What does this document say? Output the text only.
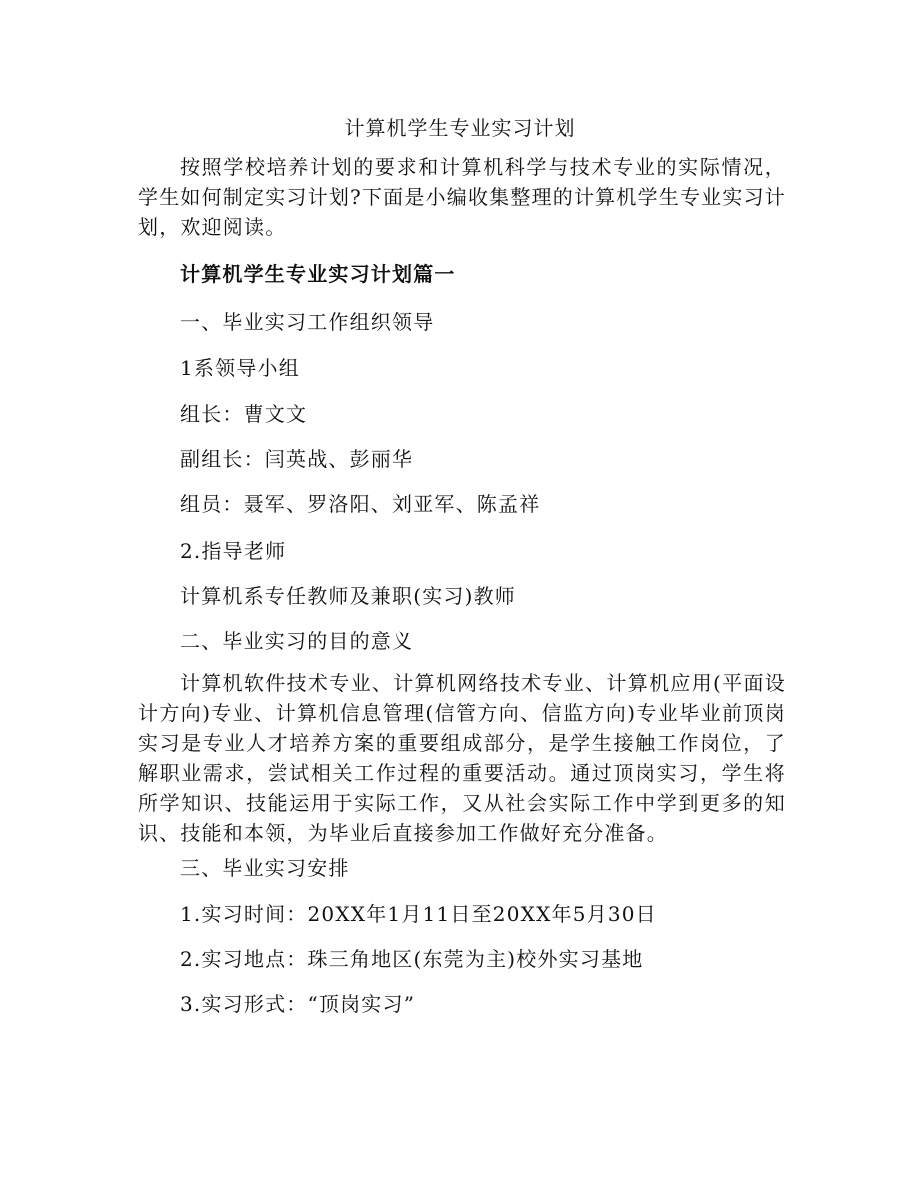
计算机学生专业实习计划
按照学校培养计划的要求和计算机科学与技术专业的实际情况，学生如何制定实习计划?下面是小编收集整理的计算机学生专业实习计划，欢迎阅读。
计算机学生专业实习计划篇一
一、毕业实习工作组织领导
1系领导小组
组长：曹文文
副组长：闫英战、彭丽华
组员：聂军、罗洛阳、刘亚军、陈孟祥
2.指导老师
计算机系专任教师及兼职(实习)教师
二、毕业实习的目的意义
计算机软件技术专业、计算机网络技术专业、计算机应用(平面设计方向)专业、计算机信息管理(信管方向、信监方向)专业毕业前顶岗实习是专业人才培养方案的重要组成部分，是学生接触工作岗位，了解职业需求，尝试相关工作过程的重要活动。通过顶岗实习，学生将所学知识、技能运用于实际工作，又从社会实际工作中学到更多的知识、技能和本领，为毕业后直接参加工作做好充分准备。
三、毕业实习安排
1.实习时间：20XX年1月11日至20XX年5月30日
2.实习地点：珠三角地区(东莞为主)校外实习基地
3.实习形式：“顶岗实习”
